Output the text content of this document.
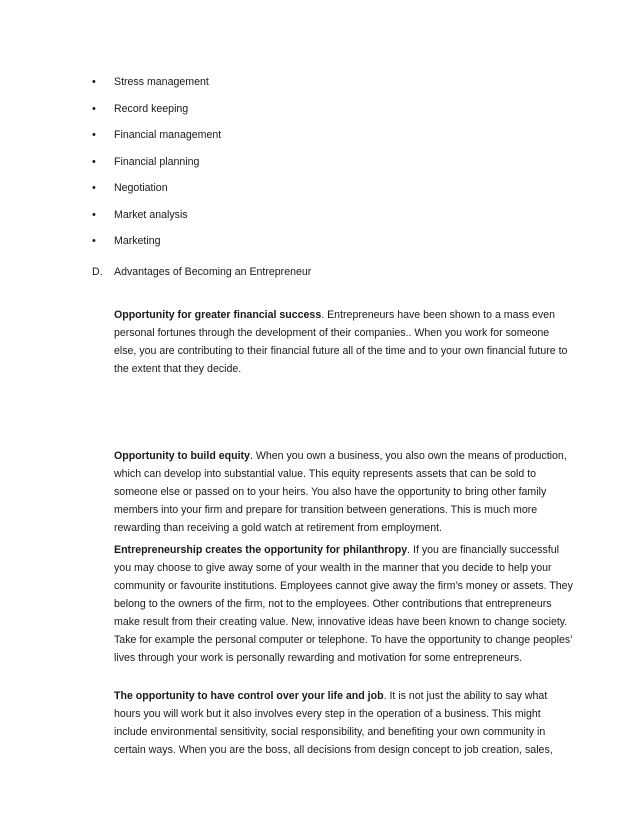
• Stress management
• Record keeping
• Financial management
• Financial planning
• Negotiation
• Market analysis
• Marketing
D. Advantages of Becoming an Entrepreneur

Opportunity for greater financial success. Entrepreneurs have been shown to a mass even personal fortunes through the development of their companies.. When you work for someone else, you are contributing to their financial future all of the time and to your own financial future to the extent that they decide.

Opportunity to build equity. When you own a business, you also own the means of production, which can develop into substantial value. This equity represents assets that can be sold to someone else or passed on to your heirs. You also have the opportunity to bring other family members into your firm and prepare for transition between generations. This is much more rewarding than receiving a gold watch at retirement from employment.

Entrepreneurship creates the opportunity for philanthropy. If you are financially successful you may choose to give away some of your wealth in the manner that you decide to help your community or favourite institutions. Employees cannot give away the firm’s money or assets. They belong to the owners of the firm, not to the employees. Other contributions that entrepreneurs make result from their creating value. New, innovative ideas have been known to change society. Take for example the personal computer or telephone. To have the opportunity to change peoples’ lives through your work is personally rewarding and motivation for some entrepreneurs.

The opportunity to have control over your life and job. It is not just the ability to say what hours you will work but it also involves every step in the operation of a business. This might include environmental sensitivity, social responsibility, and benefiting your own community in certain ways. When you are the boss, all decisions from design concept to job creation, sales,
